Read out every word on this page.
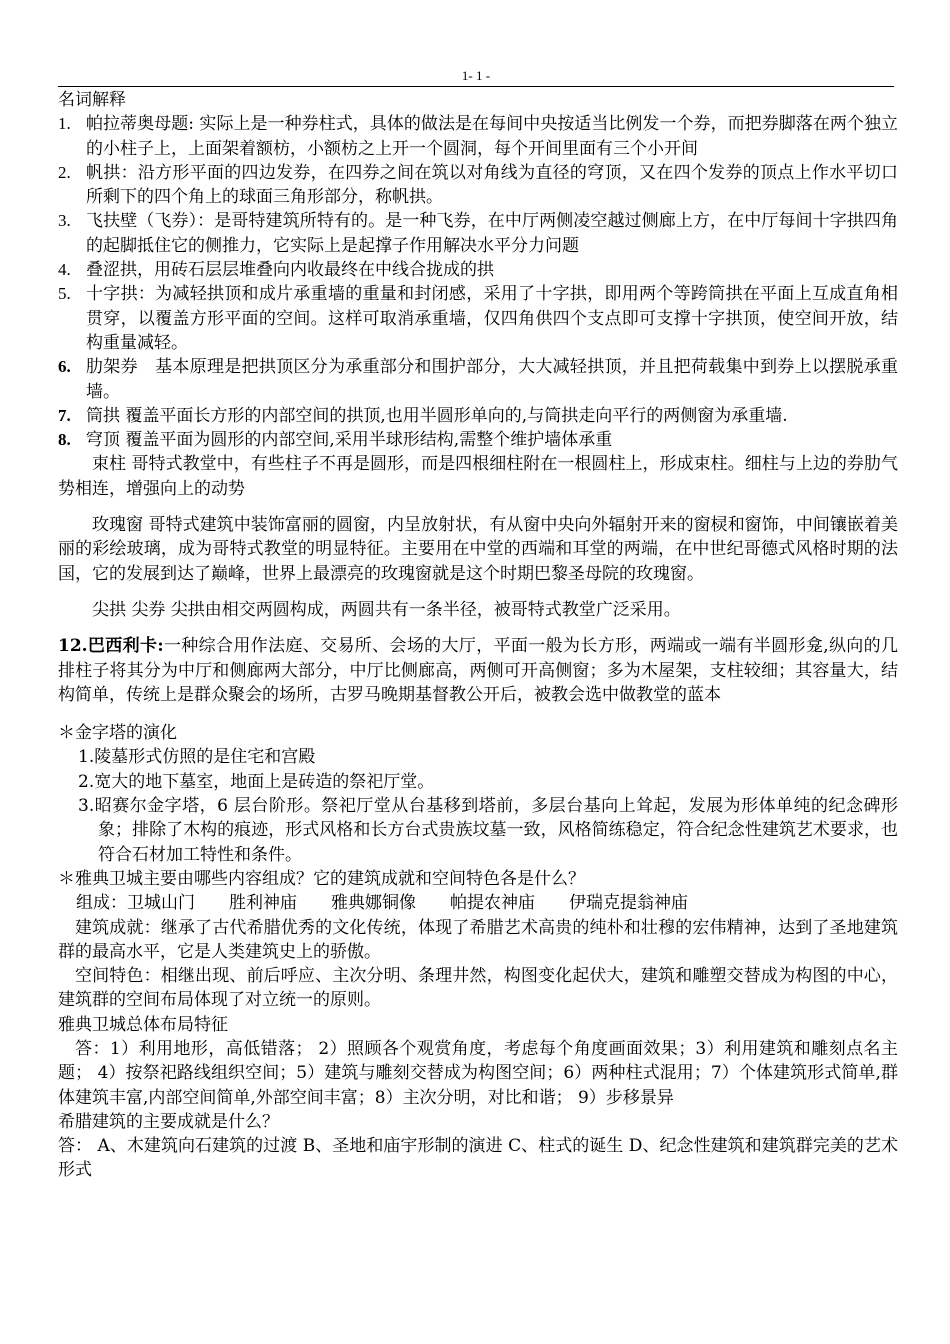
1- 1 -

名词解释

1. 帕拉蒂奥母题: 实际上是一种券柱式，具体的做法是在每间中央按适当比例发一个券，而把券脚落在两个独立的小柱子上，上面架着额枋，小额枋之上开一个圆洞，每个开间里面有三个小开间
2. 帆拱：沿方形平面的四边发券，在四券之间在筑以对角线为直径的穹顶，又在四个发券的顶点上作水平切口所剩下的四个角上的球面三角形部分，称帆拱。
3. 飞扶壁（飞券）：是哥特建筑所特有的。是一种飞券，在中厅两侧凌空越过侧廊上方，在中厅每间十字拱四角的起脚抵住它的侧推力，它实际上是起撑子作用解决水平分力问题
4. 叠涩拱，用砖石层层堆叠向内收最终在中线合拢成的拱
5. 十字拱：为减轻拱顶和成片承重墙的重量和封闭感，采用了十字拱，即用两个等跨筒拱在平面上互成直角相贯穿，以覆盖方形平面的空间。这样可取消承重墙，仅四角供四个支点即可支撑十字拱顶，使空间开放，结构重量减轻。
6. 肋架券　基本原理是把拱顶区分为承重部分和围护部分，大大减轻拱顶，并且把荷载集中到券上以摆脱承重墙。
7. 筒拱 覆盖平面长方形的内部空间的拱顶,也用半圆形单向的,与筒拱走向平行的两侧窗为承重墙.
8. 穹顶 覆盖平面为圆形的内部空间,采用半球形结构,需整个维护墙体承重

束柱 哥特式教堂中，有些柱子不再是圆形，而是四根细柱附在一根圆柱上，形成束柱。细柱与上边的券肋气势相连，增强向上的动势

玫瑰窗 哥特式建筑中装饰富丽的圆窗，内呈放射状，有从窗中央向外辐射开来的窗棂和窗饰，中间镶嵌着美丽的彩绘玻璃，成为哥特式教堂的明显特征。主要用在中堂的西端和耳堂的两端，在中世纪哥德式风格时期的法国，它的发展到达了巅峰，世界上最漂亮的玫瑰窗就是这个时期巴黎圣母院的玫瑰窗。

尖拱 尖券 尖拱由相交两圆构成，两圆共有一条半径，被哥特式教堂广泛采用。

12.巴西利卡:一种综合用作法庭、交易所、会场的大厅，平面一般为长方形，两端或一端有半圆形龛,纵向的几排柱子将其分为中厅和侧廊两大部分，中厅比侧廊高，两侧可开高侧窗；多为木屋架，支柱较细；其容量大，结构简单，传统上是群众聚会的场所，古罗马晚期基督教公开后，被教会选中做教堂的蓝本

＊金字塔的演化

1.陵墓形式仿照的是住宅和宫殿

2.宽大的地下墓室，地面上是砖造的祭祀厅堂。

3.昭赛尔金字塔，6 层台阶形。祭祀厅堂从台基移到塔前，多层台基向上耸起，发展为形体单纯的纪念碑形象；排除了木构的痕迹，形式风格和长方台式贵族坟墓一致，风格简练稳定，符合纪念性建筑艺术要求，也符合石材加工特性和条件。

＊雅典卫城主要由哪些内容组成？它的建筑成就和空间特色各是什么？

组成：卫城山门　　胜利神庙　　雅典娜铜像　　帕提农神庙　　伊瑞克提翁神庙

建筑成就：继承了古代希腊优秀的文化传统，体现了希腊艺术高贵的纯朴和壮穆的宏伟精神，达到了圣地建筑群的最高水平，它是人类建筑史上的骄傲。

空间特色：相继出现、前后呼应、主次分明、条理井然，构图变化起伏大，建筑和雕塑交替成为构图的中心，建筑群的空间布局体现了对立统一的原则。

雅典卫城总体布局特征

答：1）利用地形，高低错落； 2）照顾各个观赏角度，考虑每个角度画面效果；3）利用建筑和雕刻点名主题； 4）按祭祀路线组织空间；5）建筑与雕刻交替成为构图空间；6）两种柱式混用；7）个体建筑形式简单,群体建筑丰富,内部空间简单,外部空间丰富；8）主次分明，对比和谐； 9）步移景异

希腊建筑的主要成就是什么？

答： A、木建筑向石建筑的过渡 B、圣地和庙宇形制的演进 C、柱式的诞生 D、纪念性建筑和建筑群完美的艺术形式
